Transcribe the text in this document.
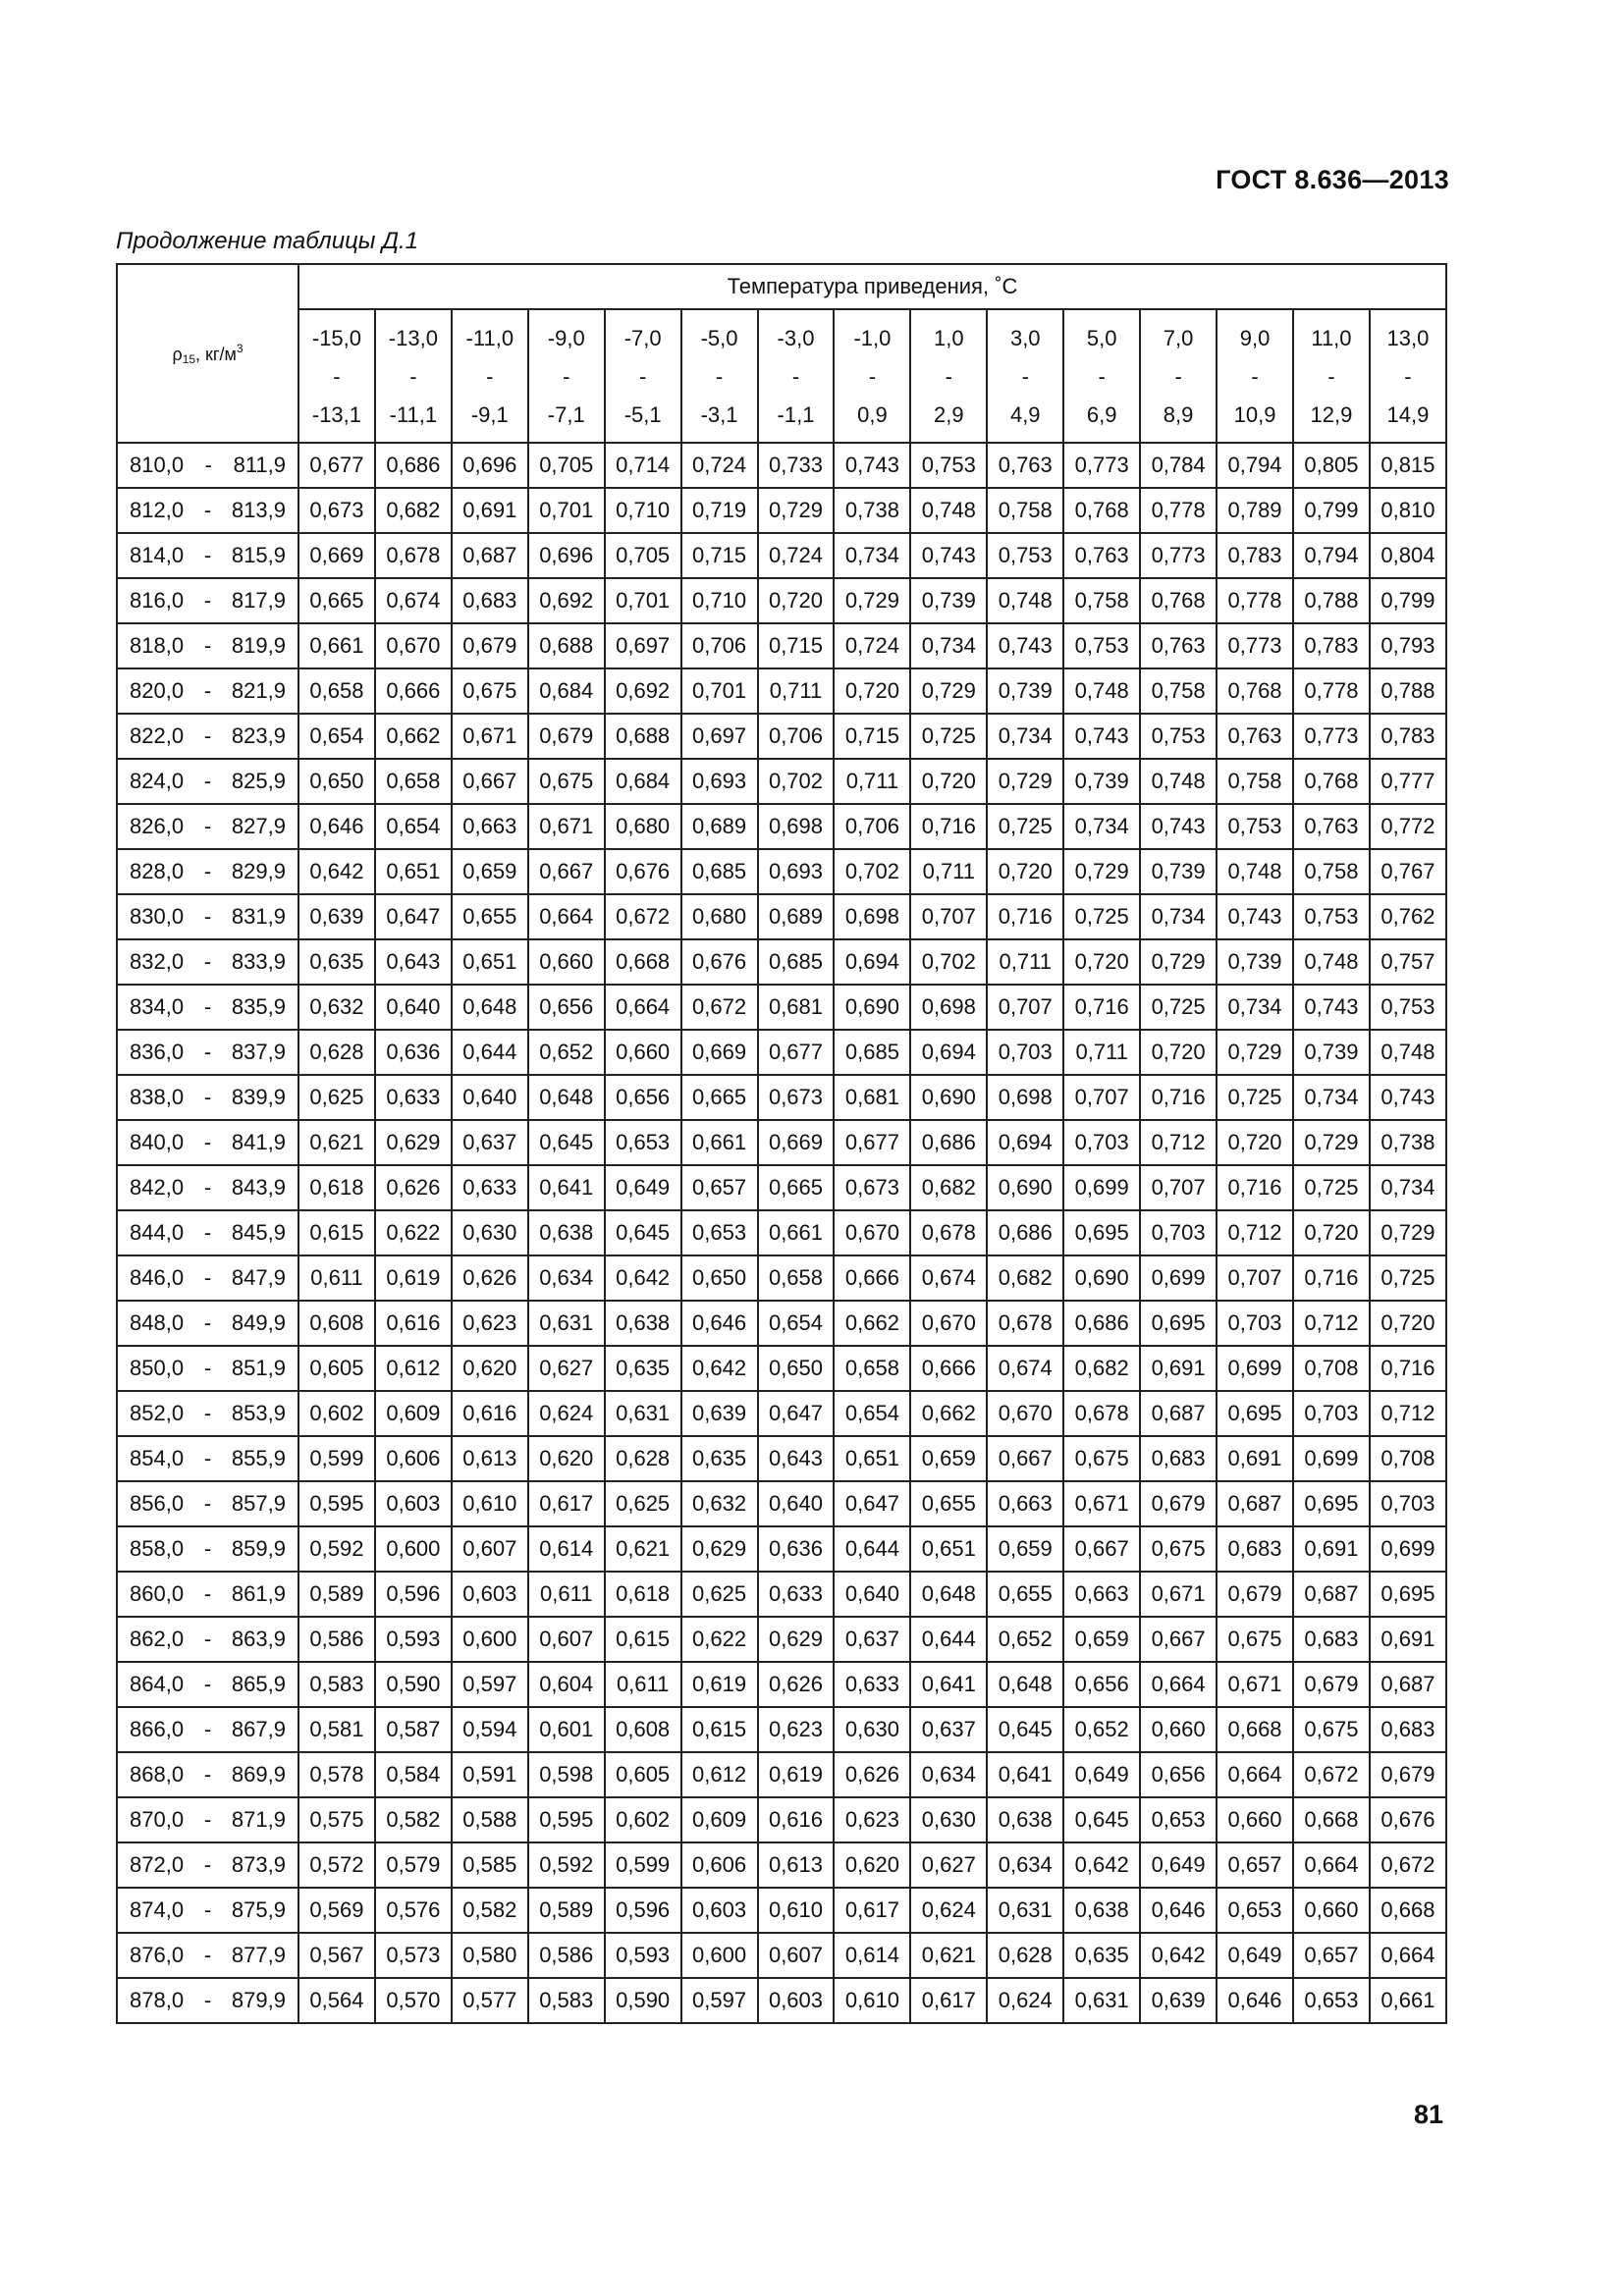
ГОСТ 8.636—2013
Продолжение таблицы Д.1
$\rho_{15}$, $кг/м^3$	Температура приведения, ˚С														
	-15,0	-13,0	-11,0	-9,0	-7,0	-5,0	-3,0	-1,0	1,0	3,0	5,0	7,0	9,0	11,0	13,0
	-	-	-	-	-	-	-	-	-	-	-	-	-	-	-
	-13,1	-11,1	-9,1	-7,1	-5,1	-3,1	-1,1	0,9	2,9	4,9	6,9	8,9	10,9	12,9	14,9

810,0 - 811,9	0,677	0,686	0,696	0,705	0,714	0,724	0,733	0,743	0,753	0,763	0,773	0,784	0,794	0,805	0,815

812,0 - 813,9	0,673	0,682	0,691	0,701	0,710	0,719	0,729	0,738	0,748	0,758	0,768	0,778	0,789	0,799	0,810

814,0 - 815,9	0,669	0,678	0,687	0,696	0,705	0,715	0,724	0,734	0,743	0,753	0,763	0,773	0,783	0,794	0,804

816,0 - 817,9	0,665	0,674	0,683	0,692	0,701	0,710	0,720	0,729	0,739	0,748	0,758	0,768	0,778	0,788	0,799

818,0 - 819,9	0,661	0,670	0,679	0,688	0,697	0,706	0,715	0,724	0,734	0,743	0,753	0,763	0,773	0,783	0,793

820,0 - 821,9	0,658	0,666	0,675	0,684	0,692	0,701	0,711	0,720	0,729	0,739	0,748	0,758	0,768	0,778	0,788

822,0 - 823,9	0,654	0,662	0,671	0,679	0,688	0,697	0,706	0,715	0,725	0,734	0,743	0,753	0,763	0,773	0,783

824,0 - 825,9	0,650	0,658	0,667	0,675	0,684	0,693	0,702	0,711	0,720	0,729	0,739	0,748	0,758	0,768	0,777

826,0 - 827,9	0,646	0,654	0,663	0,671	0,680	0,689	0,698	0,706	0,716	0,725	0,734	0,743	0,753	0,763	0,772

828,0 - 829,9	0,642	0,651	0,659	0,667	0,676	0,685	0,693	0,702	0,711	0,720	0,729	0,739	0,748	0,758	0,767

830,0 - 831,9	0,639	0,647	0,655	0,664	0,672	0,680	0,689	0,698	0,707	0,716	0,725	0,734	0,743	0,753	0,762

832,0 - 833,9	0,635	0,643	0,651	0,660	0,668	0,676	0,685	0,694	0,702	0,711	0,720	0,729	0,739	0,748	0,757

834,0 - 835,9	0,632	0,640	0,648	0,656	0,664	0,672	0,681	0,690	0,698	0,707	0,716	0,725	0,734	0,743	0,753

836,0 - 837,9	0,628	0,636	0,644	0,652	0,660	0,669	0,677	0,685	0,694	0,703	0,711	0,720	0,729	0,739	0,748

838,0 - 839,9	0,625	0,633	0,640	0,648	0,656	0,665	0,673	0,681	0,690	0,698	0,707	0,716	0,725	0,734	0,743

840,0 - 841,9	0,621	0,629	0,637	0,645	0,653	0,661	0,669	0,677	0,686	0,694	0,703	0,712	0,720	0,729	0,738

842,0 - 843,9	0,618	0,626	0,633	0,641	0,649	0,657	0,665	0,673	0,682	0,690	0,699	0,707	0,716	0,725	0,734

844,0 - 845,9	0,615	0,622	0,630	0,638	0,645	0,653	0,661	0,670	0,678	0,686	0,695	0,703	0,712	0,720	0,729

846,0 - 847,9	0,611	0,619	0,626	0,634	0,642	0,650	0,658	0,666	0,674	0,682	0,690	0,699	0,707	0,716	0,725

848,0 - 849,9	0,608	0,616	0,623	0,631	0,638	0,646	0,654	0,662	0,670	0,678	0,686	0,695	0,703	0,712	0,720

850,0 - 851,9	0,605	0,612	0,620	0,627	0,635	0,642	0,650	0,658	0,666	0,674	0,682	0,691	0,699	0,708	0,716

852,0 - 853,9	0,602	0,609	0,616	0,624	0,631	0,639	0,647	0,654	0,662	0,670	0,678	0,687	0,695	0,703	0,712

854,0 - 855,9	0,599	0,606	0,613	0,620	0,628	0,635	0,643	0,651	0,659	0,667	0,675	0,683	0,691	0,699	0,708

856,0 - 857,9	0,595	0,603	0,610	0,617	0,625	0,632	0,640	0,647	0,655	0,663	0,671	0,679	0,687	0,695	0,703

858,0 - 859,9	0,592	0,600	0,607	0,614	0,621	0,629	0,636	0,644	0,651	0,659	0,667	0,675	0,683	0,691	0,699

860,0 - 861,9	0,589	0,596	0,603	0,611	0,618	0,625	0,633	0,640	0,648	0,655	0,663	0,671	0,679	0,687	0,695

862,0 - 863,9	0,586	0,593	0,600	0,607	0,615	0,622	0,629	0,637	0,644	0,652	0,659	0,667	0,675	0,683	0,691

864,0 - 865,9	0,583	0,590	0,597	0,604	0,611	0,619	0,626	0,633	0,641	0,648	0,656	0,664	0,671	0,679	0,687

866,0 - 867,9	0,581	0,587	0,594	0,601	0,608	0,615	0,623	0,630	0,637	0,645	0,652	0,660	0,668	0,675	0,683

868,0 - 869,9	0,578	0,584	0,591	0,598	0,605	0,612	0,619	0,626	0,634	0,641	0,649	0,656	0,664	0,672	0,679

870,0 - 871,9	0,575	0,582	0,588	0,595	0,602	0,609	0,616	0,623	0,630	0,638	0,645	0,653	0,660	0,668	0,676

872,0 - 873,9	0,572	0,579	0,585	0,592	0,599	0,606	0,613	0,620	0,627	0,634	0,642	0,649	0,657	0,664	0,672

874,0 - 875,9	0,569	0,576	0,582	0,589	0,596	0,603	0,610	0,617	0,624	0,631	0,638	0,646	0,653	0,660	0,668

876,0 - 877,9	0,567	0,573	0,580	0,586	0,593	0,600	0,607	0,614	0,621	0,628	0,635	0,642	0,649	0,657	0,664

878,0 - 879,9	0,564	0,570	0,577	0,583	0,590	0,597	0,603	0,610	0,617	0,624	0,631	0,639	0,646	0,653	0,661
81
